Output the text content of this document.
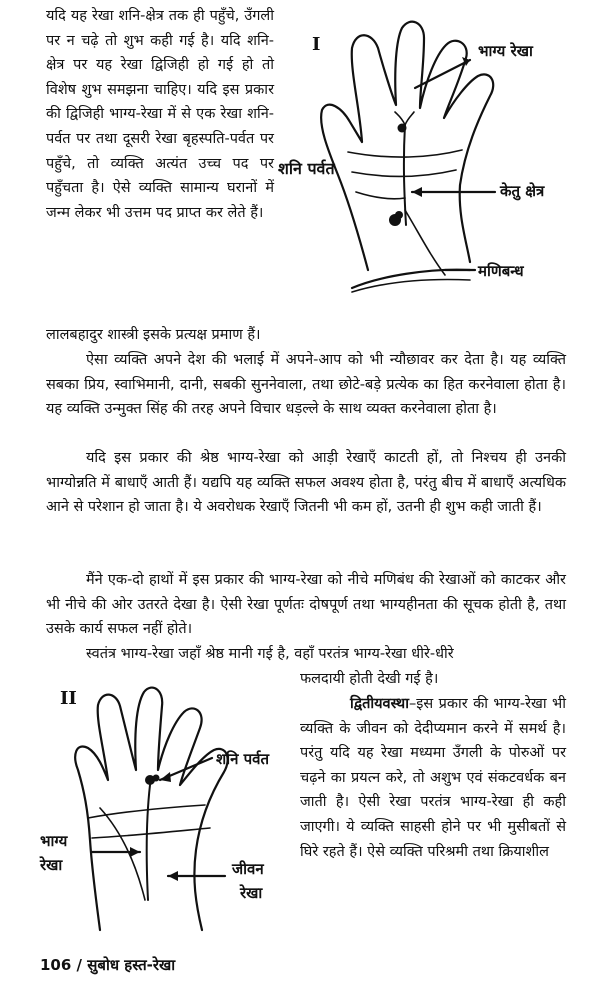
यदि यह रेखा शनि-क्षेत्र तक ही पहुँचे, उँगली पर न चढ़े तो शुभ कही गई है। यदि शनि-क्षेत्र पर यह रेखा द्विजिही हो गई हो तो विशेष शुभ समझना चाहिए। यदि इस प्रकार की द्विजिही भाग्य-रेखा में से एक रेखा शनि-पर्वत पर तथा दूसरी रेखा बृहस्पति-पर्वत पर पहुँचे, तो व्यक्ति अत्यंत उच्च पद पर पहुँचता है। ऐसे व्यक्ति सामान्य घरानों में जन्म लेकर भी उत्तम पद प्राप्त कर लेते हैं।

लालबहादुर शास्त्री इसके प्रत्यक्ष प्रमाण हैं।

I	भाग्य रेखा
शनि पर्वत
केतु क्षेत्र
मणिबन्ध

ऐसा व्यक्ति अपने देश की भलाई में अपने-आप को भी न्यौछावर कर देता है। यह व्यक्ति सबका प्रिय, स्वाभिमानी, दानी, सबकी सुननेवाला, तथा छोटे-बड़े प्रत्येक का हित करनेवाला होता है। यह व्यक्ति उन्मुक्त सिंह की तरह अपने विचार धड़ल्ले के साथ व्यक्त करनेवाला होता है।

यदि इस प्रकार की श्रेष्ठ भाग्य-रेखा को आड़ी रेखाएँ काटती हों, तो निश्चय ही उनकी भाग्योन्नति में बाधाएँ आती हैं। यद्यपि यह व्यक्ति सफल अवश्य होता है, परंतु बीच में बाधाएँ अत्यधिक आने से परेशान हो जाता है। ये अवरोधक रेखाएँ जितनी भी कम हों, उतनी ही शुभ कही जाती हैं।

मैंने एक-दो हाथों में इस प्रकार की भाग्य-रेखा को नीचे मणिबंध की रेखाओं को काटकर और भी नीचे की ओर उतरते देखा है। ऐसी रेखा पूर्णतः दोषपूर्ण तथा भाग्यहीनता की सूचक होती है, तथा उसके कार्य सफल नहीं होते।

स्वतंत्र भाग्य-रेखा जहाँ श्रेष्ठ मानी गई है, वहाँ परतंत्र भाग्य-रेखा धीरे-धीरे

फलदायी होती देखी गई है।

द्वितीयवस्था–इस प्रकार की भाग्य-रेखा भी व्यक्ति के जीवन को देदीप्यमान करने में समर्थ है। परंतु यदि यह रेखा मध्यमा उँगली के पोरुओं पर चढ़ने का प्रयत्न करे, तो अशुभ एवं संकटवर्धक बन जाती है। ऐसी रेखा परतंत्र भाग्य-रेखा ही कही जाएगी। ये व्यक्ति साहसी होने पर भी मुसीबतों से घिरे रहते हैं। ऐसे व्यक्ति परिश्रमी तथा क्रियाशील

II
शनि पर्वत
भाग्य
रेखा	जीवन
रेखा
106 / सुबोध हस्त-रेखा
